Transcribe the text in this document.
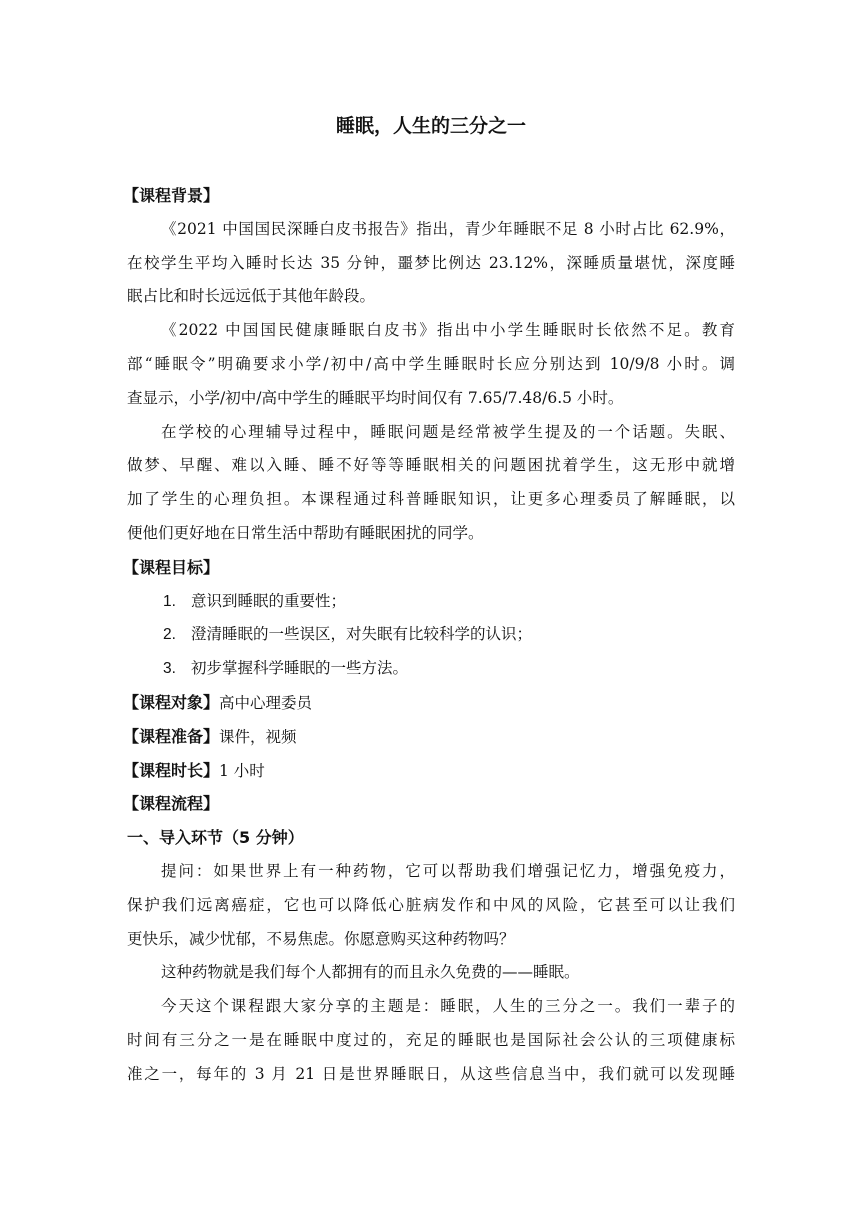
睡眠，人生的三分之一
【课程背景】
《2021 中国国民深睡白皮书报告》指出，青少年睡眠不足 8 小时占比 62.9%，
在校学生平均入睡时长达 35 分钟，噩梦比例达 23.12%，深睡质量堪忧，深度睡
眠占比和时长远远低于其他年龄段。
《2022 中国国民健康睡眠白皮书》指出中小学生睡眠时长依然不足。教育
部“睡眠令”明确要求小学/初中/高中学生睡眠时长应分别达到 10/9/8 小时。调
查显示，小学/初中/高中学生的睡眠平均时间仅有 7.65/7.48/6.5 小时。
在学校的心理辅导过程中，睡眠问题是经常被学生提及的一个话题。失眠、
做梦、早醒、难以入睡、睡不好等等睡眠相关的问题困扰着学生，这无形中就增
加了学生的心理负担。本课程通过科普睡眠知识，让更多心理委员了解睡眠，以
便他们更好地在日常生活中帮助有睡眠困扰的同学。
【课程目标】
1. 意识到睡眠的重要性；
2. 澄清睡眠的一些误区，对失眠有比较科学的认识；
3. 初步掌握科学睡眠的一些方法。
【课程对象】高中心理委员
【课程准备】课件，视频
【课程时长】1 小时
【课程流程】
一、导入环节（5 分钟）
提问：如果世界上有一种药物，它可以帮助我们增强记忆力，增强免疫力，
保护我们远离癌症，它也可以降低心脏病发作和中风的风险，它甚至可以让我们
更快乐，减少忧郁，不易焦虑。你愿意购买这种药物吗？
这种药物就是我们每个人都拥有的而且永久免费的——睡眠。
今天这个课程跟大家分享的主题是：睡眠，人生的三分之一。我们一辈子的
时间有三分之一是在睡眠中度过的，充足的睡眠也是国际社会公认的三项健康标
准之一，每年的 3 月 21 日是世界睡眠日，从这些信息当中，我们就可以发现睡
